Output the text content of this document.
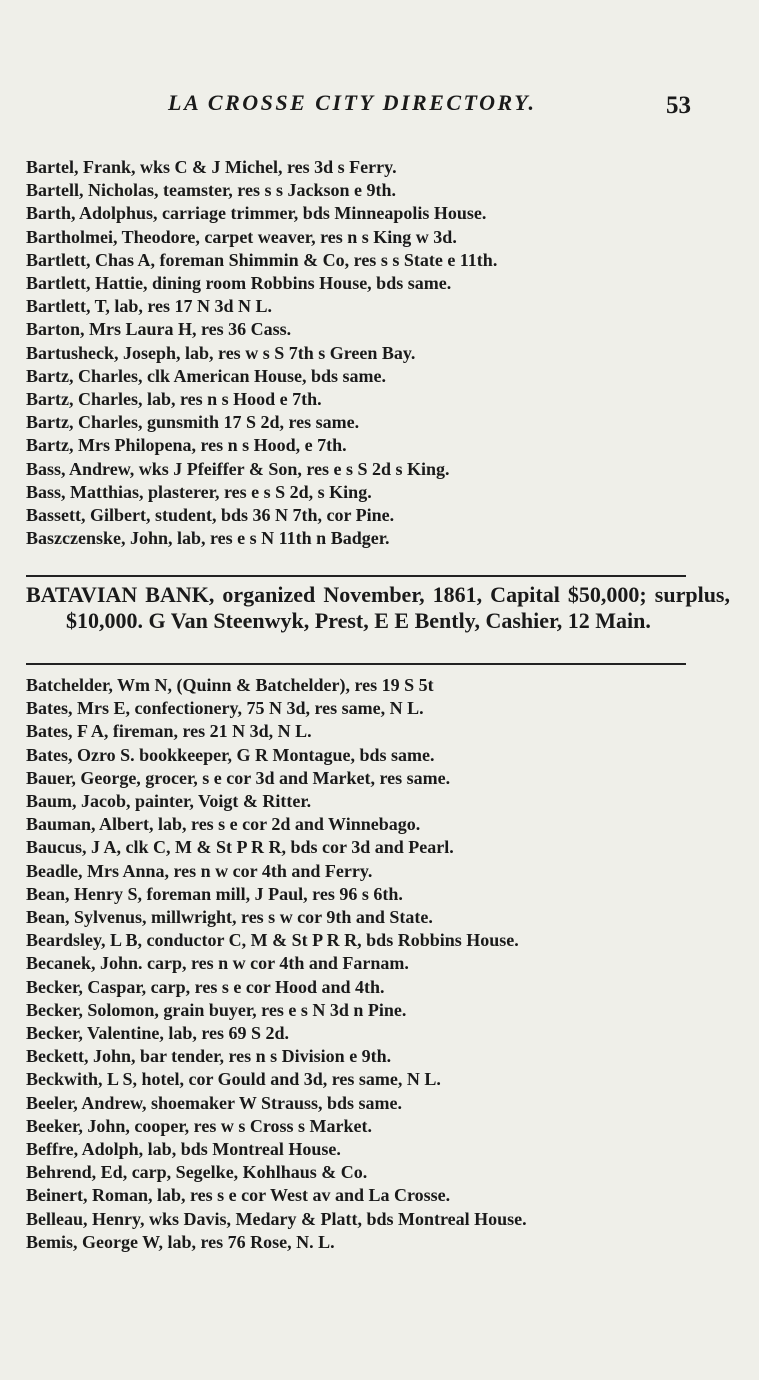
LA CROSSE CITY DIRECTORY.	53
Bartel, Frank, wks C & J Michel, res 3d s Ferry.
Bartell, Nicholas, teamster, res s s Jackson e 9th.
Barth, Adolphus, carriage trimmer, bds Minneapolis House.
Bartholmei, Theodore, carpet weaver, res n s King w 3d.
Bartlett, Chas A, foreman Shimmin & Co, res s s State e 11th.
Bartlett, Hattie, dining room Robbins House, bds same.
Bartlett, T, lab, res 17 N 3d N L.
Barton, Mrs Laura H, res 36 Cass.
Bartusheck, Joseph, lab, res w s S 7th s Green Bay.
Bartz, Charles, clk American House, bds same.
Bartz, Charles, lab, res n s Hood e 7th.
Bartz, Charles, gunsmith 17 S 2d, res same.
Bartz, Mrs Philopena, res n s Hood, e 7th.
Bass, Andrew, wks J Pfeiffer & Son, res e s S 2d s King.
Bass, Matthias, plasterer, res e s S 2d, s King.
Bassett, Gilbert, student, bds 36 N 7th, cor Pine.
Baszczenske, John, lab, res e s N 11th n Badger.
BATAVIAN BANK, organized November, 1861, Capital $50,000; surplus, $10,000. G Van Steenwyk, Prest, E E Bently, Cashier, 12 Main.
Batchelder, Wm N, (Quinn & Batchelder), res 19 S 5t
Bates, Mrs E, confectionery, 75 N 3d, res same, N L.
Bates, F A, fireman, res 21 N 3d, N L.
Bates, Ozro S. bookkeeper, G R Montague, bds same.
Bauer, George, grocer, s e cor 3d and Market, res same.
Baum, Jacob, painter, Voigt & Ritter.
Bauman, Albert, lab, res s e cor 2d and Winnebago.
Baucus, J A, clk C, M & St P R R, bds cor 3d and Pearl.
Beadle, Mrs Anna, res n w cor 4th and Ferry.
Bean, Henry S, foreman mill, J Paul, res 96 s 6th.
Bean, Sylvenus, millwright, res s w cor 9th and State.
Beardsley, L B, conductor C, M & St P R R, bds Robbins House.
Becanek, John. carp, res n w cor 4th and Farnam.
Becker, Caspar, carp, res s e cor Hood and 4th.
Becker, Solomon, grain buyer, res e s N 3d n Pine.
Becker, Valentine, lab, res 69 S 2d.
Beckett, John, bar tender, res n s Division e 9th.
Beckwith, L S, hotel, cor Gould and 3d, res same, N L.
Beeler, Andrew, shoemaker W Strauss, bds same.
Beeker, John, cooper, res w s Cross s Market.
Beffre, Adolph, lab, bds Montreal House.
Behrend, Ed, carp, Segelke, Kohlhaus & Co.
Beinert, Roman, lab, res s e cor West av and La Crosse.
Belleau, Henry, wks Davis, Medary & Platt, bds Montreal House.
Bemis, George W, lab, res 76 Rose, N. L.
